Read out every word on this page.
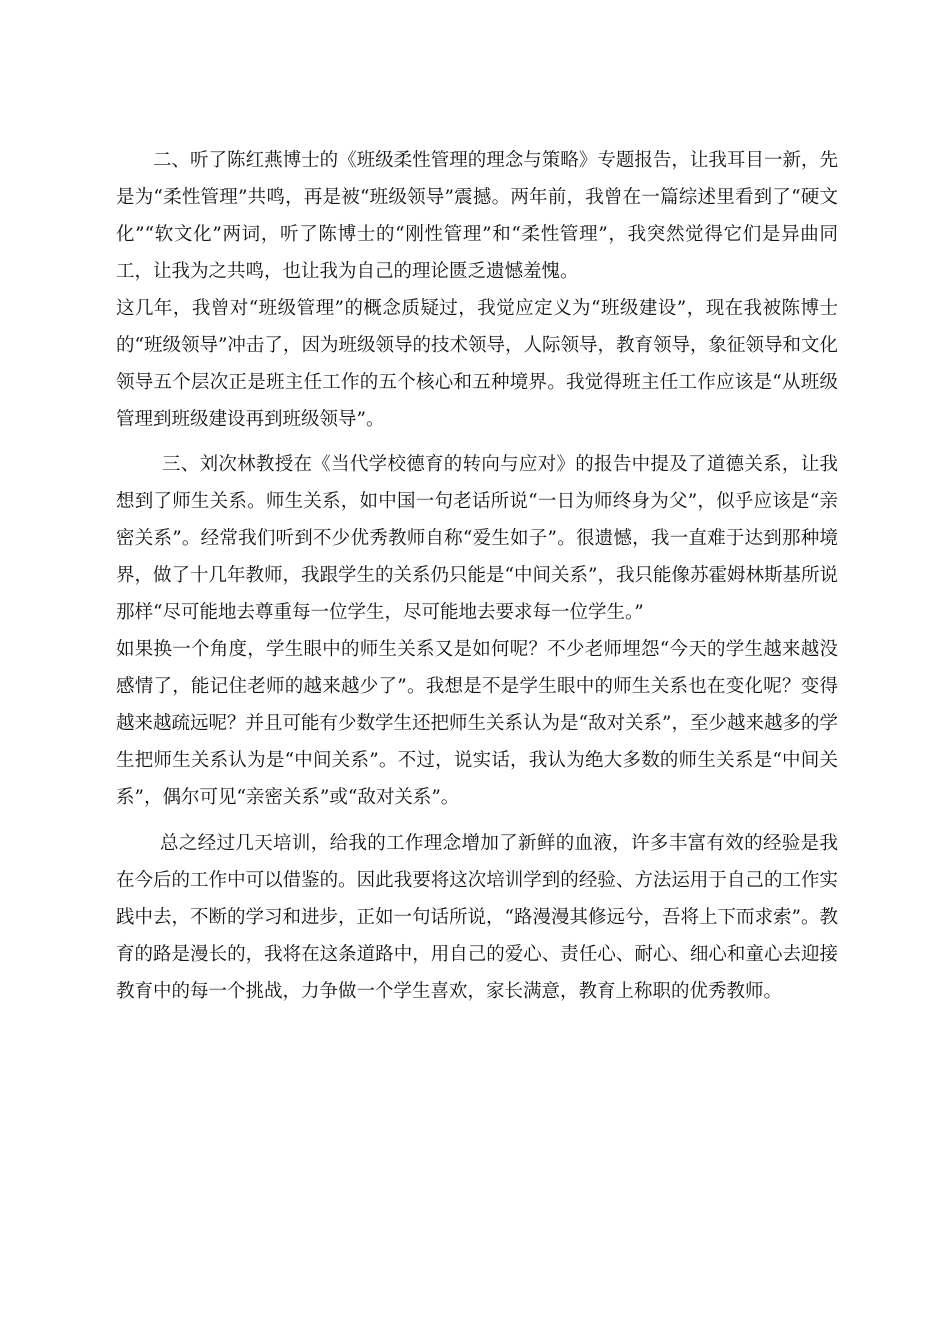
二、听了陈红燕博士的《班级柔性管理的理念与策略》专题报告，让我耳目一新，先是为“柔性管理”共鸣，再是被“班级领导”震撼。两年前，我曾在一篇综述里看到了“硬文化”“软文化”两词，听了陈博士的“刚性管理”和“柔性管理”，我突然觉得它们是异曲同工，让我为之共鸣，也让我为自己的理论匮乏遗憾羞愧。

这几年，我曾对“班级管理”的概念质疑过，我觉应定义为“班级建设”，现在我被陈博士的“班级领导”冲击了，因为班级领导的技术领导，人际领导，教育领导，象征领导和文化领导五个层次正是班主任工作的五个核心和五种境界。我觉得班主任工作应该是“从班级管理到班级建设再到班级领导”。

三、刘次林教授在《当代学校德育的转向与应对》的报告中提及了道德关系，让我想到了师生关系。师生关系，如中国一句老话所说“一日为师终身为父”，似乎应该是“亲密关系”。经常我们听到不少优秀教师自称“爱生如子”。很遗憾，我一直难于达到那种境界，做了十几年教师，我跟学生的关系仍只能是“中间关系”，我只能像苏霍姆林斯基所说那样“尽可能地去尊重每一位学生，尽可能地去要求每一位学生。”

如果换一个角度，学生眼中的师生关系又是如何呢？不少老师埋怨“今天的学生越来越没感情了，能记住老师的越来越少了”。我想是不是学生眼中的师生关系也在变化呢？变得越来越疏远呢？并且可能有少数学生还把师生关系认为是“敌对关系”，至少越来越多的学生把师生关系认为是“中间关系”。不过，说实话，我认为绝大多数的师生关系是“中间关系”，偶尔可见“亲密关系”或“敌对关系”。

总之经过几天培训，给我的工作理念增加了新鲜的血液，许多丰富有效的经验是我在今后的工作中可以借鉴的。因此我要将这次培训学到的经验、方法运用于自己的工作实践中去，不断的学习和进步，正如一句话所说，“路漫漫其修远兮，吾将上下而求索”。教育的路是漫长的，我将在这条道路中，用自己的爱心、责任心、耐心、细心和童心去迎接教育中的每一个挑战，力争做一个学生喜欢，家长满意，教育上称职的优秀教师。
